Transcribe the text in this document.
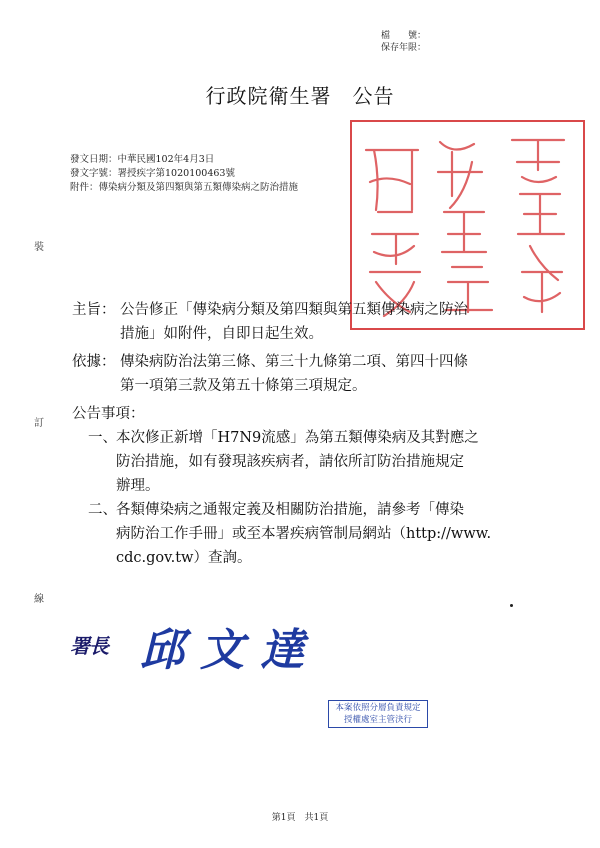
檔　　號：
保存年限：
行政院衛生署　公告
發文日期：中華民國102年4月3日
發文字號：署授疾字第1020100463號
附件：傳染病分類及第四類與第五類傳染病之防治措施
裝
訂
線
主旨： 公告修正「傳染病分類及第四類與第五類傳染病之防治
措施」如附件，自即日起生效。
依據： 傳染病防治法第三條、第三十九條第二項、第四十四條
第一項第三款及第五十條第三項規定。
公告事項：
一、 本次修正新增「H7N9流感」為第五類傳染病及其對應之
防治措施，如有發現該疾病者，請依所訂防治措施規定
辦理。
二、 各類傳染病之通報定義及相關防治措施，請參考「傳染
病防治工作手冊」或至本署疾病管制局網站（http://www.
cdc.gov.tw）查詢。
署長 邱文達
本案依照分層負責規定
授權處室主管決行
第1頁　共1頁
